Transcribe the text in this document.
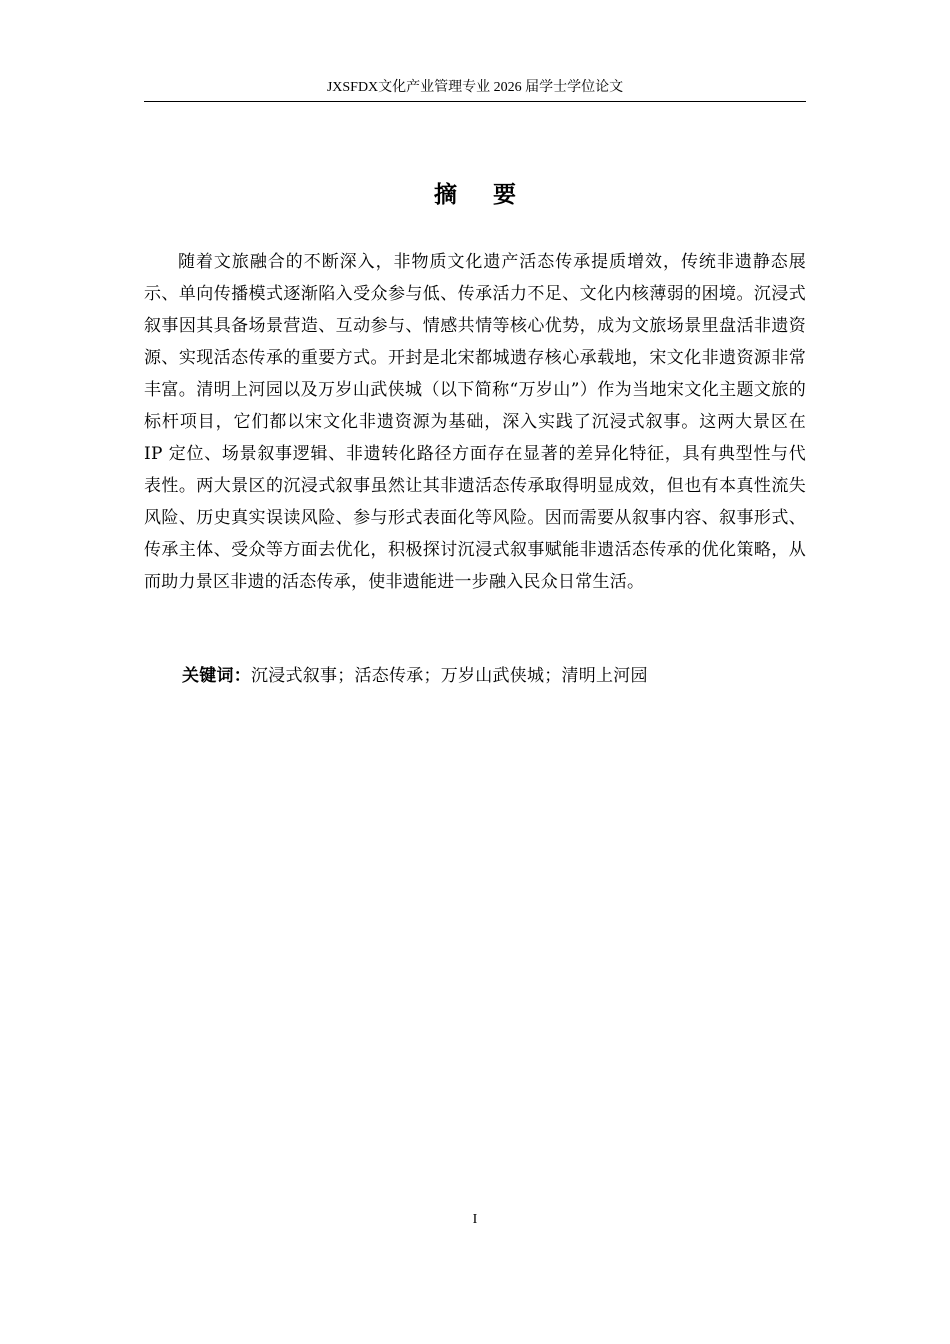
JXSFDX文化产业管理专业 2026 届学士学位论文
摘 要

随着文旅融合的不断深入，非物质文化遗产活态传承提质增效，传统非遗静态展示、单向传播模式逐渐陷入受众参与低、传承活力不足、文化内核薄弱的困境。沉浸式叙事因其具备场景营造、互动参与、情感共情等核心优势，成为文旅场景里盘活非遗资源、实现活态传承的重要方式。开封是北宋都城遗存核心承载地，宋文化非遗资源非常丰富。清明上河园以及万岁山武侠城（以下简称“万岁山”）作为当地宋文化主题文旅的标杆项目，它们都以宋文化非遗资源为基础，深入实践了沉浸式叙事。这两大景区在 IP 定位、场景叙事逻辑、非遗转化路径方面存在显著的差异化特征，具有典型性与代表性。两大景区的沉浸式叙事虽然让其非遗活态传承取得明显成效，但也有本真性流失风险、历史真实误读风险、参与形式表面化等风险。因而需要从叙事内容、叙事形式、传承主体、受众等方面去优化，积极探讨沉浸式叙事赋能非遗活态传承的优化策略，从而助力景区非遗的活态传承，使非遗能进一步融入民众日常生活。

关键词：沉浸式叙事；活态传承；万岁山武侠城；清明上河园
I
